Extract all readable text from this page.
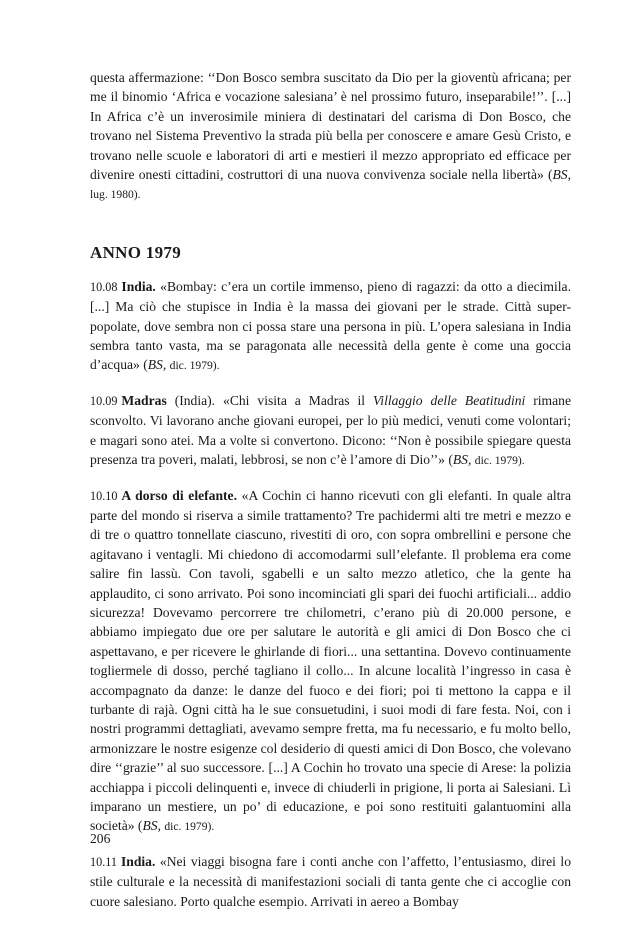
questa affermazione: ‘‘Don Bosco sembra suscitato da Dio per la gioventù africana; per me il binomio ‘Africa e vocazione salesiana’ è nel prossimo futuro, inseparabile!’’. [...] In Africa c’è un inverosimile miniera di destinatari del carisma di Don Bosco, che trovano nel Sistema Preventivo la strada più bella per conoscere e amare Gesù Cristo, e trovano nelle scuole e laboratori di arti e mestieri il mezzo appropriato ed efficace per divenire onesti cittadini, costruttori di una nuova convivenza sociale nella libertà» (BS, lug. 1980).

ANNO 1979

10.08 India. «Bombay: c’era un cortile immenso, pieno di ragazzi: da otto a diecimila. [...] Ma ciò che stupisce in India è la massa dei giovani per le strade. Città super-popolate, dove sembra non ci possa stare una persona in più. L’opera salesiana in India sembra tanto vasta, ma se paragonata alle necessità della gente è come una goccia d’acqua» (BS, dic. 1979).

10.09 Madras (India). «Chi visita a Madras il Villaggio delle Beatitudini rimane sconvolto. Vi lavorano anche giovani europei, per lo più medici, venuti come volontari; e magari sono atei. Ma a volte si convertono. Dicono: ‘‘Non è possibile spiegare questa presenza tra poveri, malati, lebbrosi, se non c’è l’amore di Dio’’» (BS, dic. 1979).

10.10 A dorso di elefante. «A Cochin ci hanno ricevuti con gli elefanti. In quale altra parte del mondo si riserva a simile trattamento? Tre pachidermi alti tre metri e mezzo e di tre o quattro tonnellate ciascuno, rivestiti di oro, con sopra ombrellini e persone che agitavano i ventagli. Mi chiedono di accomodarmi sull’elefante. Il problema era come salire fin lassù. Con tavoli, sgabelli e un salto mezzo atletico, che la gente ha applaudito, ci sono arrivato. Poi sono incominciati gli spari dei fuochi artificiali... addio sicurezza! Dovevamo percorrere tre chilometri, c’erano più di 20.000 persone, e abbiamo impiegato due ore per salutare le autorità e gli amici di Don Bosco che ci aspettavano, e per ricevere le ghirlande di fiori... una settantina. Dovevo continuamente togliermele di dosso, perché tagliano il collo... In alcune località l’ingresso in casa è accompagnato da danze: le danze del fuoco e dei fiori; poi ti mettono la cappa e il turbante di rajà. Ogni città ha le sue consuetudini, i suoi modi di fare festa. Noi, con i nostri programmi dettagliati, avevamo sempre fretta, ma fu necessario, e fu molto bello, armonizzare le nostre esigenze col desiderio di questi amici di Don Bosco, che volevano dire ‘‘grazie’’ al suo successore. [...] A Cochin ho trovato una specie di Arese: la polizia acchiappa i piccoli delinquenti e, invece di chiuderli in prigione, li porta ai Salesiani. Lì imparano un mestiere, un po’ di educazione, e poi sono restituiti galantuomini alla società» (BS, dic. 1979).

10.11 India. «Nei viaggi bisogna fare i conti anche con l’affetto, l’entusiasmo, direi lo stile culturale e la necessità di manifestazioni sociali di tanta gente che ci accoglie con cuore salesiano. Porto qualche esempio. Arrivati in aereo a Bombay

206
